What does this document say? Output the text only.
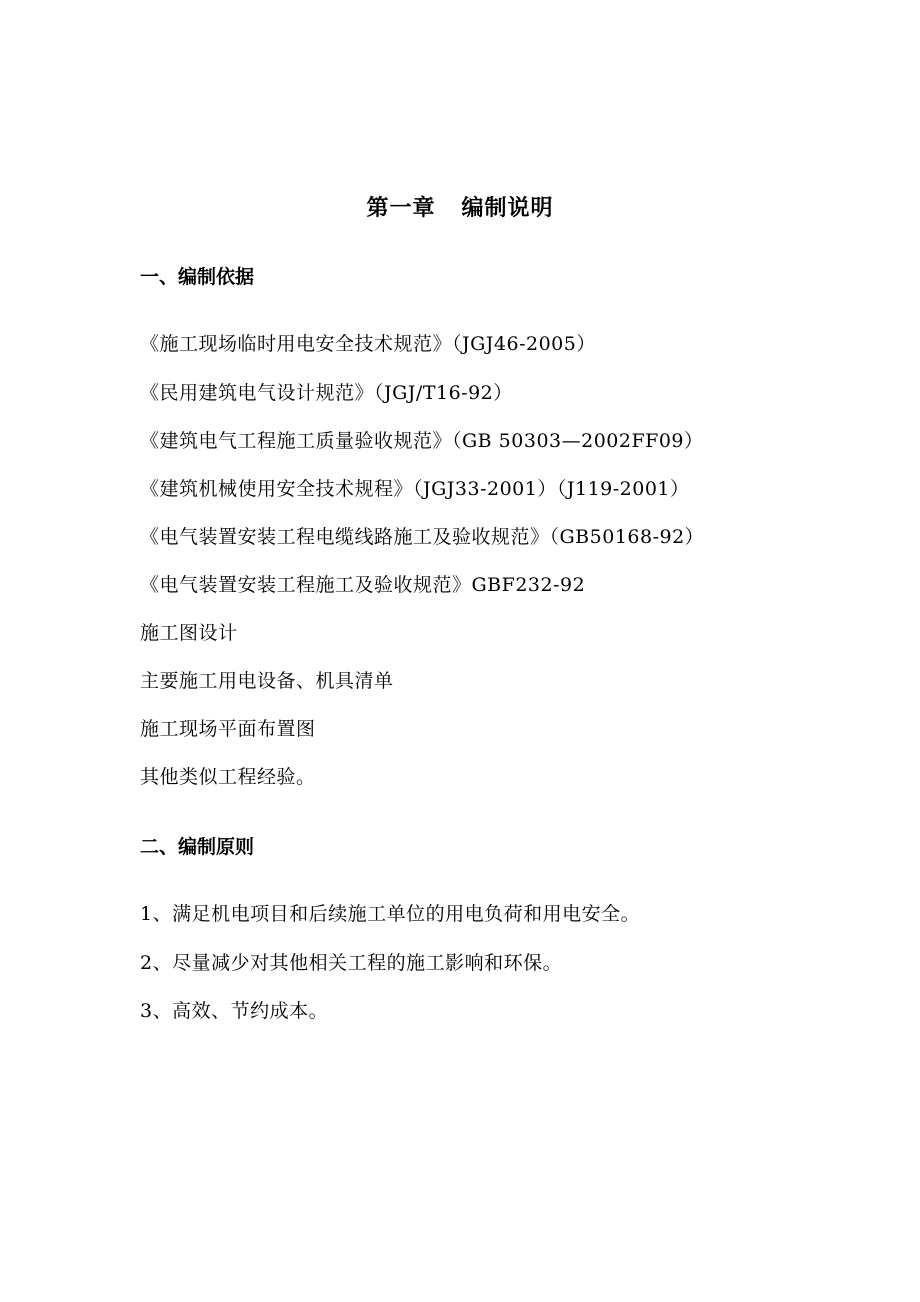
第一章   编制说明
一、编制依据
《施工现场临时用电安全技术规范》（JGJ46-2005）
《民用建筑电气设计规范》（JGJ/T16-92）
《建筑电气工程施工质量验收规范》（GB 50303—2002FF09）
《建筑机械使用安全技术规程》（JGJ33-2001）（J119-2001）
《电气装置安装工程电缆线路施工及验收规范》（GB50168-92）
《电气装置安装工程施工及验收规范》GBF232-92
施工图设计
主要施工用电设备、机具清单
施工现场平面布置图
其他类似工程经验。
二、编制原则
1、满足机电项目和后续施工单位的用电负荷和用电安全。
2、尽量减少对其他相关工程的施工影响和环保。
3、高效、节约成本。
